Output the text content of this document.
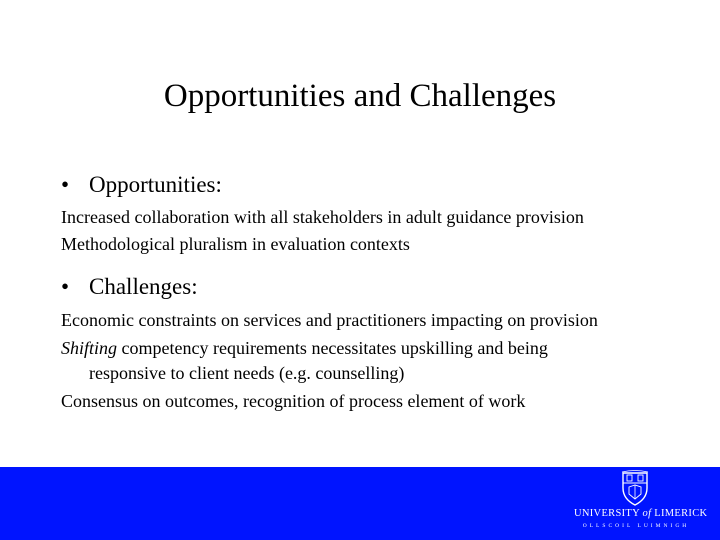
Opportunities and Challenges
• Opportunities:
Increased collaboration with all stakeholders in adult guidance provision
Methodological pluralism in evaluation contexts
• Challenges:
Economic constraints on services and practitioners impacting on provision
Shifting competency requirements necessitates upskilling and being
responsive to client needs (e.g. counselling)
Consensus on outcomes, recognition of process element of work
UNIVERSITY of LIMERICK
OLLSCOIL LUIMNIGH
